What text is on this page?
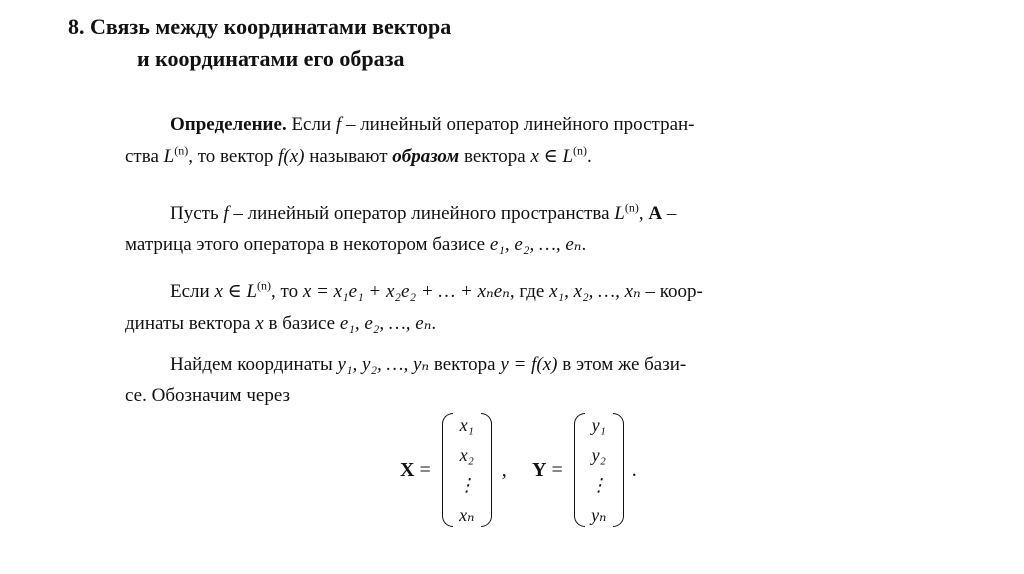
8. Связь между координатами вектора
и координатами его образа
Определение. Если f – линейный оператор линейного простран-
ства $L^{(n)}$, то вектор f(x) называют образом вектора x ∈ $L^{(n)}$.
Пусть f – линейный оператор линейного пространства $L^{(n)}$, A –
матрица этого оператора в некотором базисе e₁, e₂, …, eₙ.
Если x ∈ $L^{(n)}$, то x = x₁e₁ + x₂e₂ + … + xₙeₙ, где x₁, x₂, …, xₙ – коор-
динаты вектора x в базисе e₁, e₂, …, eₙ.
Найдем координаты y₁, y₂, …, yₙ вектора y = f(x) в этом же бази-
се. Обозначим через
X =
x₁
x₂
⋮
xₙ
, Y =
y₁
y₂
⋮
yₙ
.
